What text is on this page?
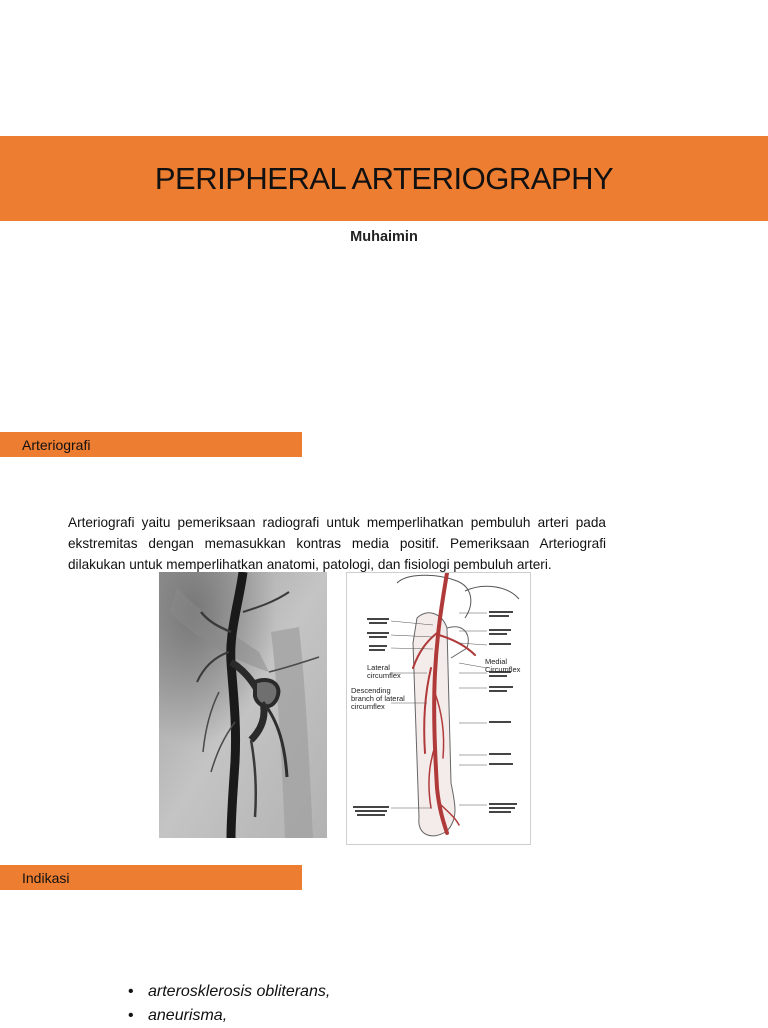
PERIPHERAL ARTERIOGRAPHY
Muhaimin
Arteriografi

Arteriografi yaitu pemeriksaan radiografi untuk memperlihatkan pembuluh arteri pada ekstremitas dengan memasukkan kontras media positif. Pemeriksaan Arteriografi dilakukan untuk memperlihatkan anatomi, patologi, dan fisiologi pembuluh arteri.

Lateral circumflex
Descending branch of lateral circumflex
Medial Circumflex
Indikasi
• arterosklerosis obliterans,
• aneurisma,
